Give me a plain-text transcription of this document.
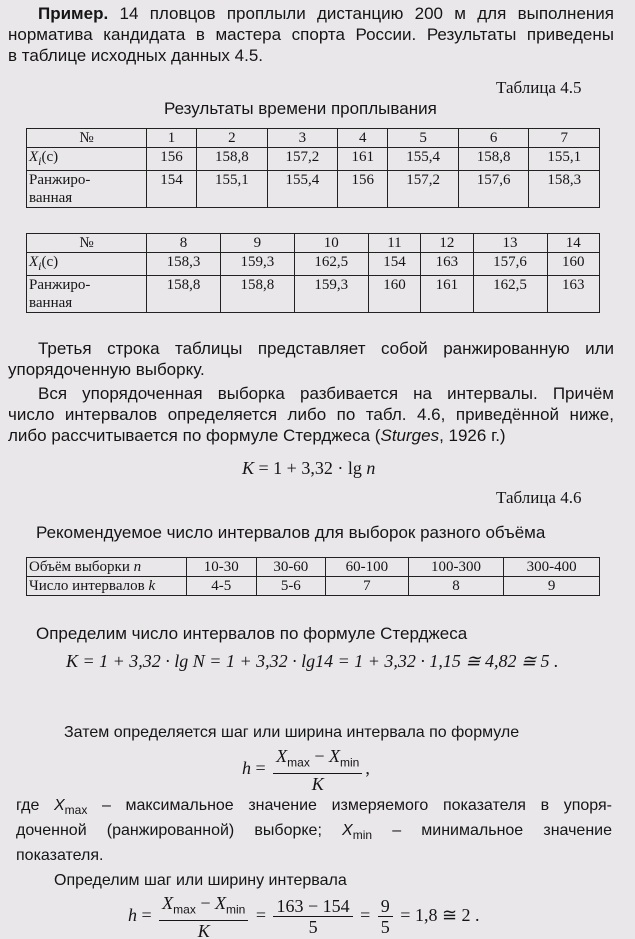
Пример. 14 пловцов проплыли дистанцию 200 м для выполнения

норматива кандидата в мастера спорта России. Результаты приведены

в таблице исходных данных 4.5.

Таблица 4.5

Результаты времени проплывания

№	1	2	3	4	5	6	7
$X_i(с)$	156	158,8	157,2	161	155,4	158,8	155,1
Ранжиро-
ванная	154	155,1	155,4	156	157,2	157,6	158,3
№	8	9	10	11	12	13	14
$X_i(с)$	158,3	159,3	162,5	154	163	157,6	160
Ранжиро-
ванная	158,8	158,8	159,3	160	161	162,5	163

Третья строка таблицы представляет собой ранжированную или

упорядоченную выборку.

Вся упорядоченная выборка разбивается на интервалы. Причём

число интервалов определяется либо по табл. 4.6, приведённой ниже,

либо рассчитывается по формуле Стерджеса (Sturges, 1926 г.)

K = 1 + 3,32 · lg n

Таблица 4.6

Рекомендуемое число интервалов для выборок разного объёма

Объём выборки n	10-30	30-60	60-100	100-300	300-400
Число интервалов k	4-5	5-6	7	8	9

Определим число интервалов по формуле Стерджеса

K = 1 + 3,32 · lg N = 1 + 3,32 · lg14 = 1 + 3,32 · 1,15 ≅ 4,82 ≅ 5 .

Затем определяется шаг или ширина интервала по формуле

$h = \frac{X_{max} - X_{min}}{K}$ ,

где $X_{max}$ – максимальное значение измеряемого показателя в упоря-

доченной (ранжированной) выборке; $X_{min}$ – минимальное значение

показателя.

Определим шаг или ширину интервала

$h = \frac{X_{max} - X_{min}}{K} = \frac{163 - 154}{5} = \frac{9}{5} = 1,8$ ≅ 2 .
